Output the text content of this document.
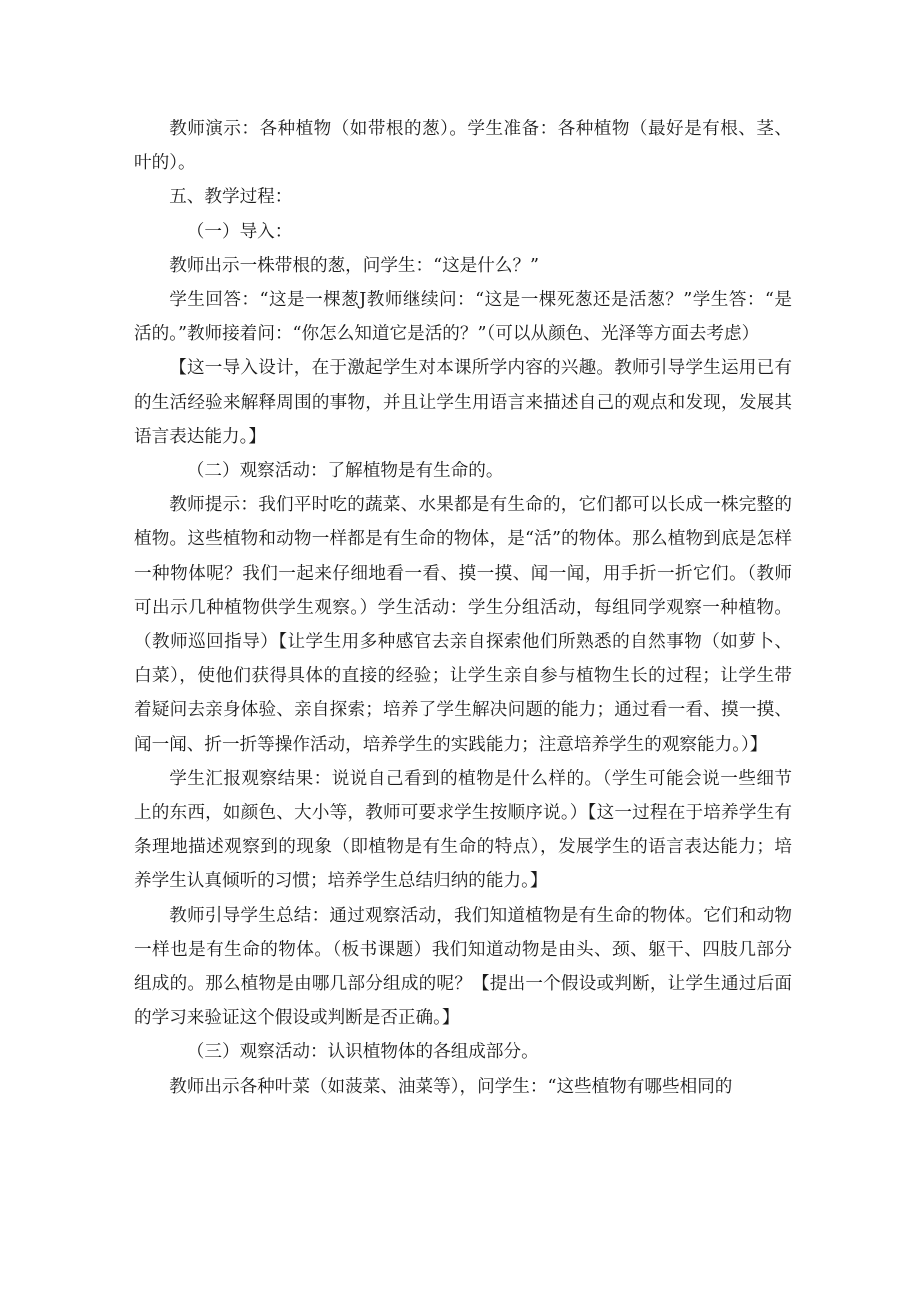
教师演示：各种植物（如带根的葱）。学生准备：各种植物（最好是有根、茎、叶的）。

五、教学过程：

（一）导入：

教师出示一株带根的葱，问学生：“这是什么？”

学生回答：“这是一棵葱J教师继续问：“这是一棵死葱还是活葱？”学生答：“是活的。”教师接着问：“你怎么知道它是活的？”（可以从颜色、光泽等方面去考虑）

【这一导入设计，在于激起学生对本课所学内容的兴趣。教师引导学生运用已有的生活经验来解释周围的事物，并且让学生用语言来描述自己的观点和发现，发展其语言表达能力。】

（二）观察活动：了解植物是有生命的。

教师提示：我们平时吃的蔬菜、水果都是有生命的，它们都可以长成一株完整的植物。这些植物和动物一样都是有生命的物体，是“活”的物体。那么植物到底是怎样一种物体呢？我们一起来仔细地看一看、摸一摸、闻一闻，用手折一折它们。（教师可出示几种植物供学生观察。）学生活动：学生分组活动，每组同学观察一种植物。（教师巡回指导）【让学生用多种感官去亲自探索他们所熟悉的自然事物（如萝卜、白菜），使他们获得具体的直接的经验；让学生亲自参与植物生长的过程；让学生带着疑问去亲身体验、亲自探索；培养了学生解决问题的能力；通过看一看、摸一摸、闻一闻、折一折等操作活动，培养学生的实践能力；注意培养学生的观察能力。）】

学生汇报观察结果：说说自己看到的植物是什么样的。（学生可能会说一些细节上的东西，如颜色、大小等，教师可要求学生按顺序说。）【这一过程在于培养学生有条理地描述观察到的现象（即植物是有生命的特点），发展学生的语言表达能力；培养学生认真倾听的习惯；培养学生总结归纳的能力。】

教师引导学生总结：通过观察活动，我们知道植物是有生命的物体。它们和动物一样也是有生命的物体。（板书课题）我们知道动物是由头、颈、躯干、四肢几部分组成的。那么植物是由哪几部分组成的呢？【提出一个假设或判断，让学生通过后面的学习来验证这个假设或判断是否正确。】

（三）观察活动：认识植物体的各组成部分。

教师出示各种叶菜（如菠菜、油菜等），问学生：“这些植物有哪些相同的
